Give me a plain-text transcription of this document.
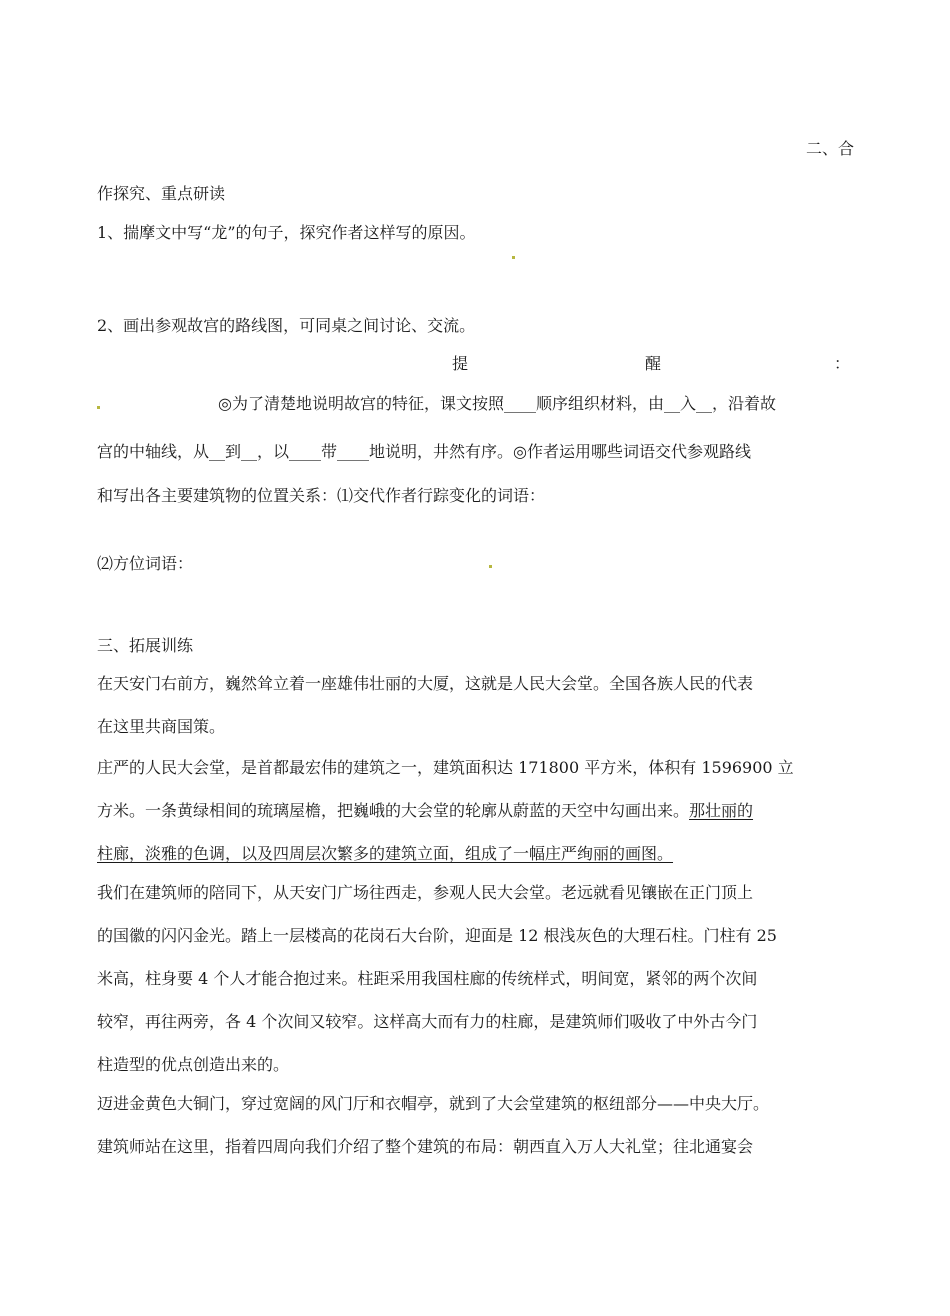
二、合
作探究、重点研读
1、揣摩文中写“龙”的句子，探究作者这样写的原因。
2、画出参观故宫的路线图，可同桌之间讨论、交流。
提	醒	：
◎为了清楚地说明故宫的特征，课文按照____顺序组织材料，由__入__，沿着故
宫的中轴线，从__到__，以____带____地说明，井然有序。◎作者运用哪些词语交代参观路线
和写出各主要建筑物的位置关系：⑴交代作者行踪变化的词语：
⑵方位词语：
三、拓展训练
在天安门右前方，巍然耸立着一座雄伟壮丽的大厦，这就是人民大会堂。全国各族人民的代表
在这里共商国策。
庄严的人民大会堂，是首都最宏伟的建筑之一，建筑面积达 171800 平方米，体积有 1596900 立
方米。一条黄绿相间的琉璃屋檐，把巍峨的大会堂的轮廓从蔚蓝的天空中勾画出来。那壮丽的
柱廊，淡雅的色调，以及四周层次繁多的建筑立面，组成了一幅庄严绚丽的画图。
我们在建筑师的陪同下，从天安门广场往西走，参观人民大会堂。老远就看见镶嵌在正门顶上
的国徽的闪闪金光。踏上一层楼高的花岗石大台阶，迎面是 12 根浅灰色的大理石柱。门柱有 25
米高，柱身要 4 个人才能合抱过来。柱距采用我国柱廊的传统样式，明间宽，紧邻的两个次间
较窄，再往两旁，各 4 个次间又较窄。这样高大而有力的柱廊，是建筑师们吸收了中外古今门
柱造型的优点创造出来的。
迈进金黄色大铜门，穿过宽阔的风门厅和衣帽亭，就到了大会堂建筑的枢纽部分——中央大厅。
建筑师站在这里，指着四周向我们介绍了整个建筑的布局：朝西直入万人大礼堂；往北通宴会
